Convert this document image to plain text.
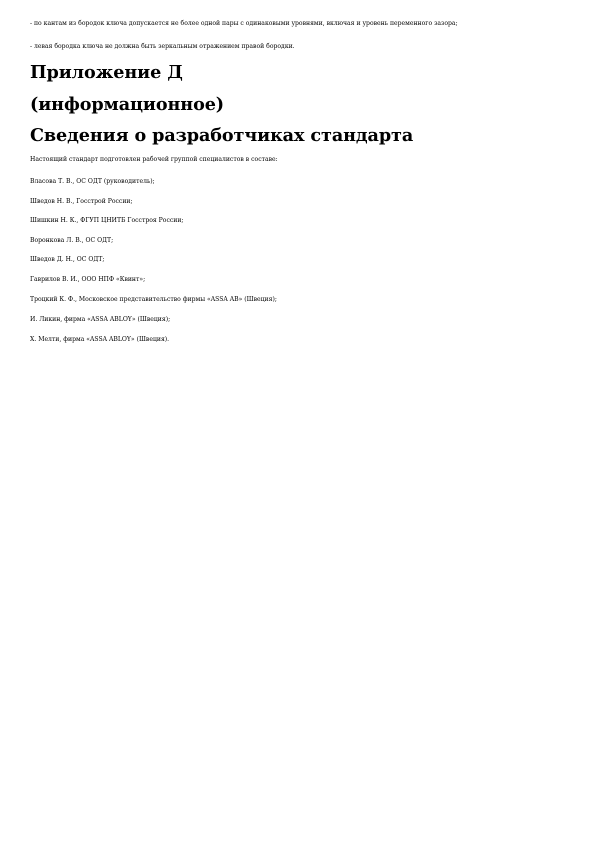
- по кантам из бородок ключа допускается не более одной пары с одинаковыми уровнями, включая и уровень переменного зазора;
- левая бородка ключа не должна быть зеркальным отражением правой бородки.
Приложение Д
(информационное)
Сведения о разработчиках стандарта
Настоящий стандарт подготовлен рабочей группой специалистов в составе:
Власова Т. В., ОС ОДТ (руководитель);
Шведов Н. В., Госстрой России;
Шишкин Н. К., ФГУП ЦНИТБ Госстроя России;
Воронкова Л. В., ОС ОДТ;
Шведов Д. Н., ОС ОДТ;
Гаврилов В. И., ООО НПФ «Квинт»;
Троцкий К. Ф., Московское представительство фирмы «ASSA AB» (Швеция);
И. Ликин, фирма «ASSA ABLOY» (Швеция);
Х. Мелти, фирма «ASSA ABLOY» (Швеция).
